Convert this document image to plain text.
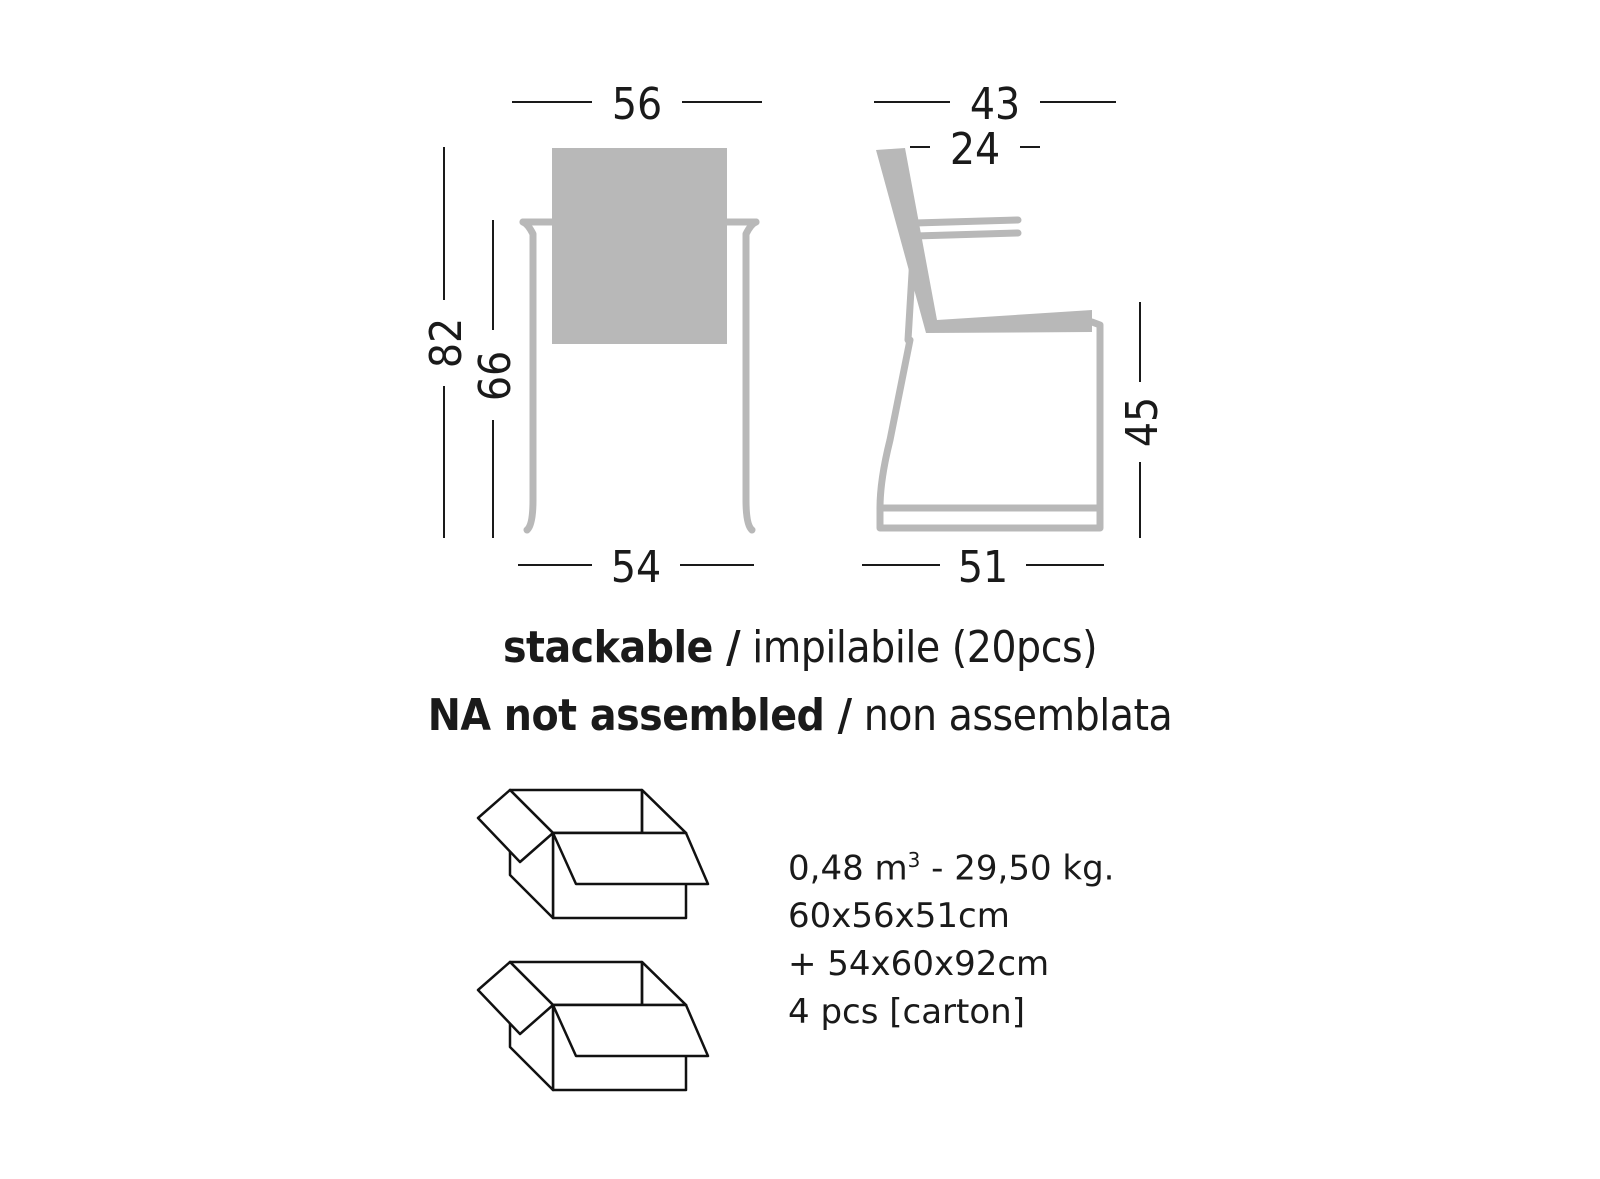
56	43
24
54	51
82
66
45
stackable / impilabile (20pcs)
NA not assembled / non assemblata
0,48 $m^3 - 29,50$ kg.
60x56x51cm
+ 54x60x92cm
4 pcs [carton]
